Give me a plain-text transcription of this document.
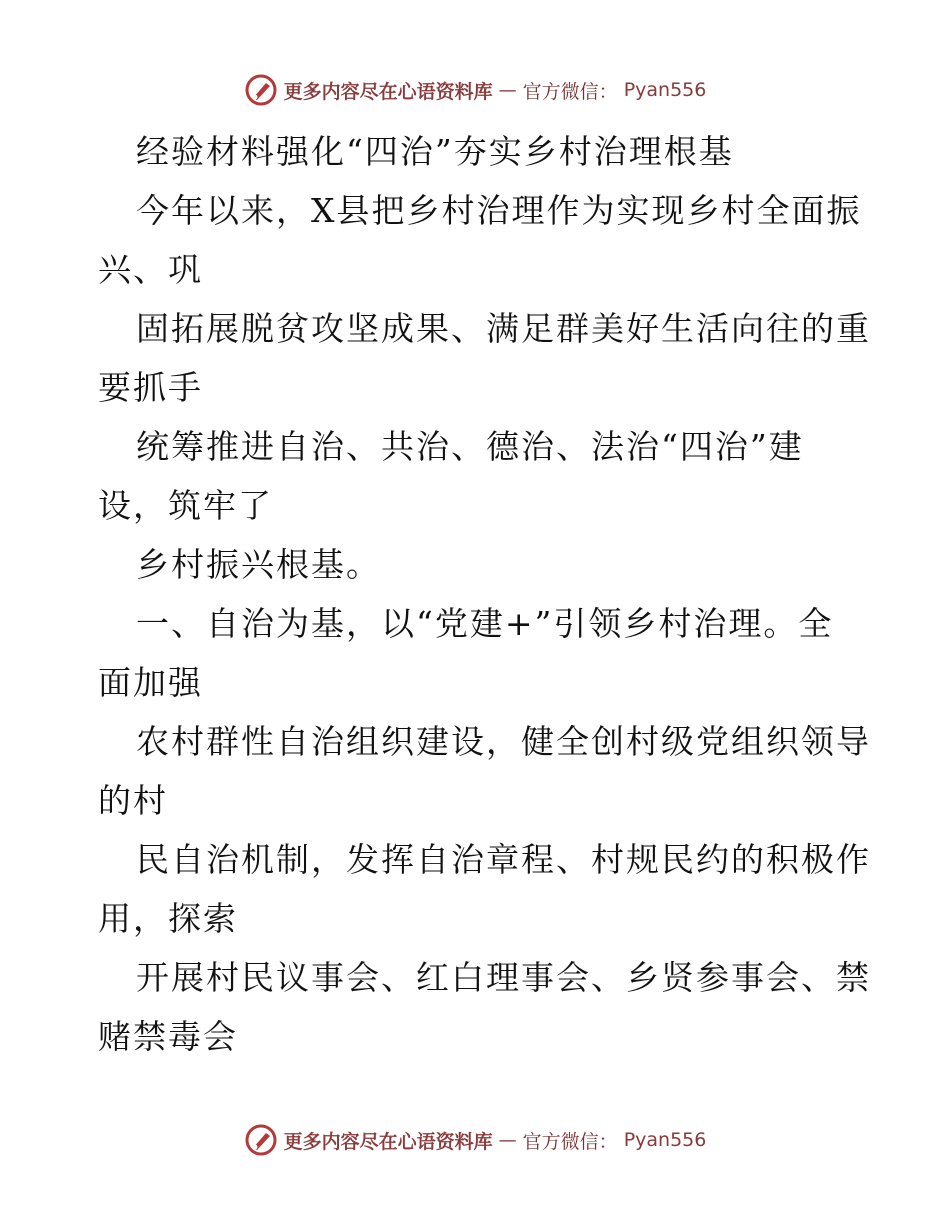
更多内容尽在心语资料库 — 官方微信： Pyan556
经验材料强化“四治”夯实乡村治理根基
今年以来，X县把乡村治理作为实现乡村全面振
兴、巩
固拓展脱贫攻坚成果、满足群美好生活向往的重
要抓手
统筹推进自治、共治、德治、法治“四治”建
设，筑牢了
乡村振兴根基。
一、自治为基，以“党建+”引领乡村治理。全
面加强
农村群性自治组织建设，健全创村级党组织领导
的村
民自治机制，发挥自治章程、村规民约的积极作
用，探索
开展村民议事会、红白理事会、乡贤参事会、禁
赌禁毒会
更多内容尽在心语资料库 — 官方微信： Pyan556
